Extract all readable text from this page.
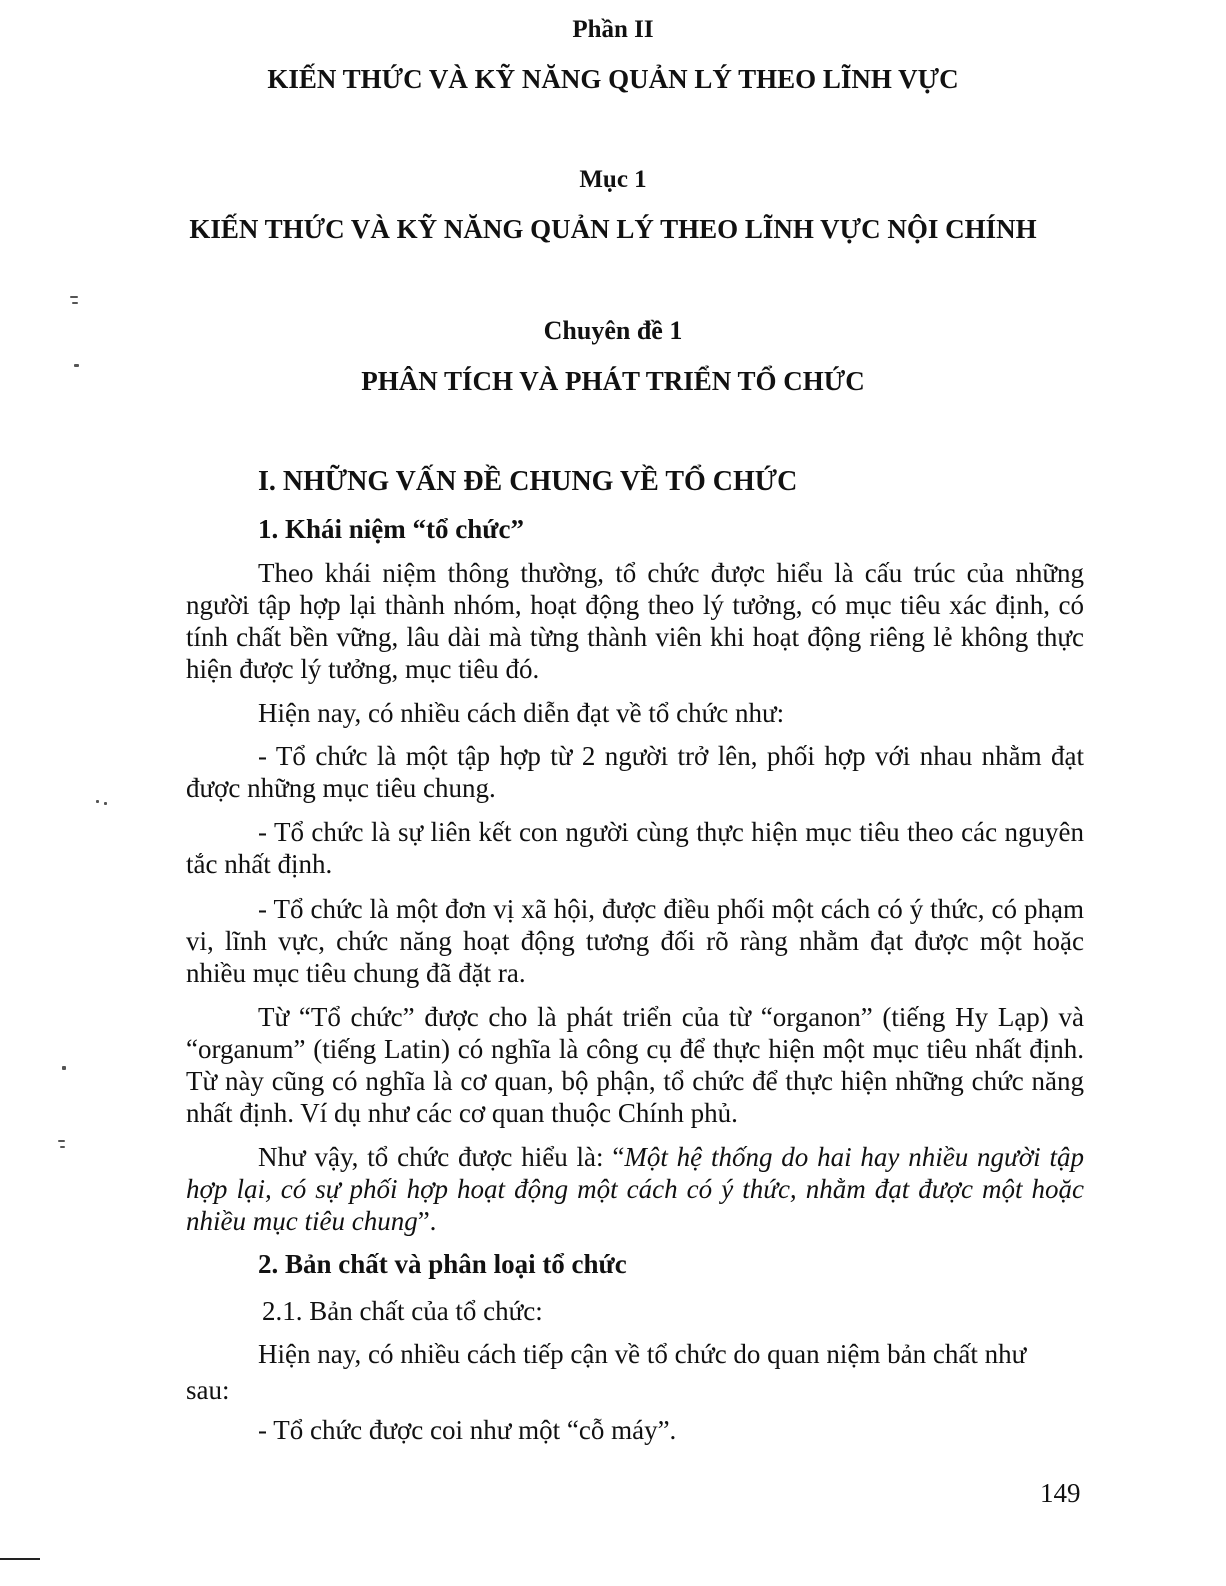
Phần II

KIẾN THỨC VÀ KỸ NĂNG QUẢN LÝ THEO LĨNH VỰC

Mục 1

KIẾN THỨC VÀ KỸ NĂNG QUẢN LÝ THEO LĨNH VỰC NỘI CHÍNH

Chuyên đề 1

PHÂN TÍCH VÀ PHÁT TRIỂN TỔ CHỨC

I. NHỮNG VẤN ĐỀ CHUNG VỀ TỔ CHỨC

1. Khái niệm “tổ chức”

Theo khái niệm thông thường, tổ chức được hiểu là cấu trúc của những người tập hợp lại thành nhóm, hoạt động theo lý tưởng, có mục tiêu xác định, có tính chất bền vững, lâu dài mà từng thành viên khi hoạt động riêng lẻ không thực hiện được lý tưởng, mục tiêu đó.

Hiện nay, có nhiều cách diễn đạt về tổ chức như:

- Tổ chức là một tập hợp từ 2 người trở lên, phối hợp với nhau nhằm đạt được những mục tiêu chung.

- Tổ chức là sự liên kết con người cùng thực hiện mục tiêu theo các nguyên tắc nhất định.

- Tổ chức là một đơn vị xã hội, được điều phối một cách có ý thức, có phạm vi, lĩnh vực, chức năng hoạt động tương đối rõ ràng nhằm đạt được một hoặc nhiều mục tiêu chung đã đặt ra.

Từ “Tổ chức” được cho là phát triển của từ “organon” (tiếng Hy Lạp) và “organum” (tiếng Latin) có nghĩa là công cụ để thực hiện một mục tiêu nhất định. Từ này cũng có nghĩa là cơ quan, bộ phận, tổ chức để thực hiện những chức năng nhất định. Ví dụ như các cơ quan thuộc Chính phủ.

Như vậy, tổ chức được hiểu là: “Một hệ thống do hai hay nhiều người tập hợp lại, có sự phối hợp hoạt động một cách có ý thức, nhằm đạt được một hoặc nhiều mục tiêu chung”.

2. Bản chất và phân loại tổ chức

2.1. Bản chất của tổ chức:

Hiện nay, có nhiều cách tiếp cận về tổ chức do quan niệm bản chất như

sau:

- Tổ chức được coi như một “cỗ máy”.

149
